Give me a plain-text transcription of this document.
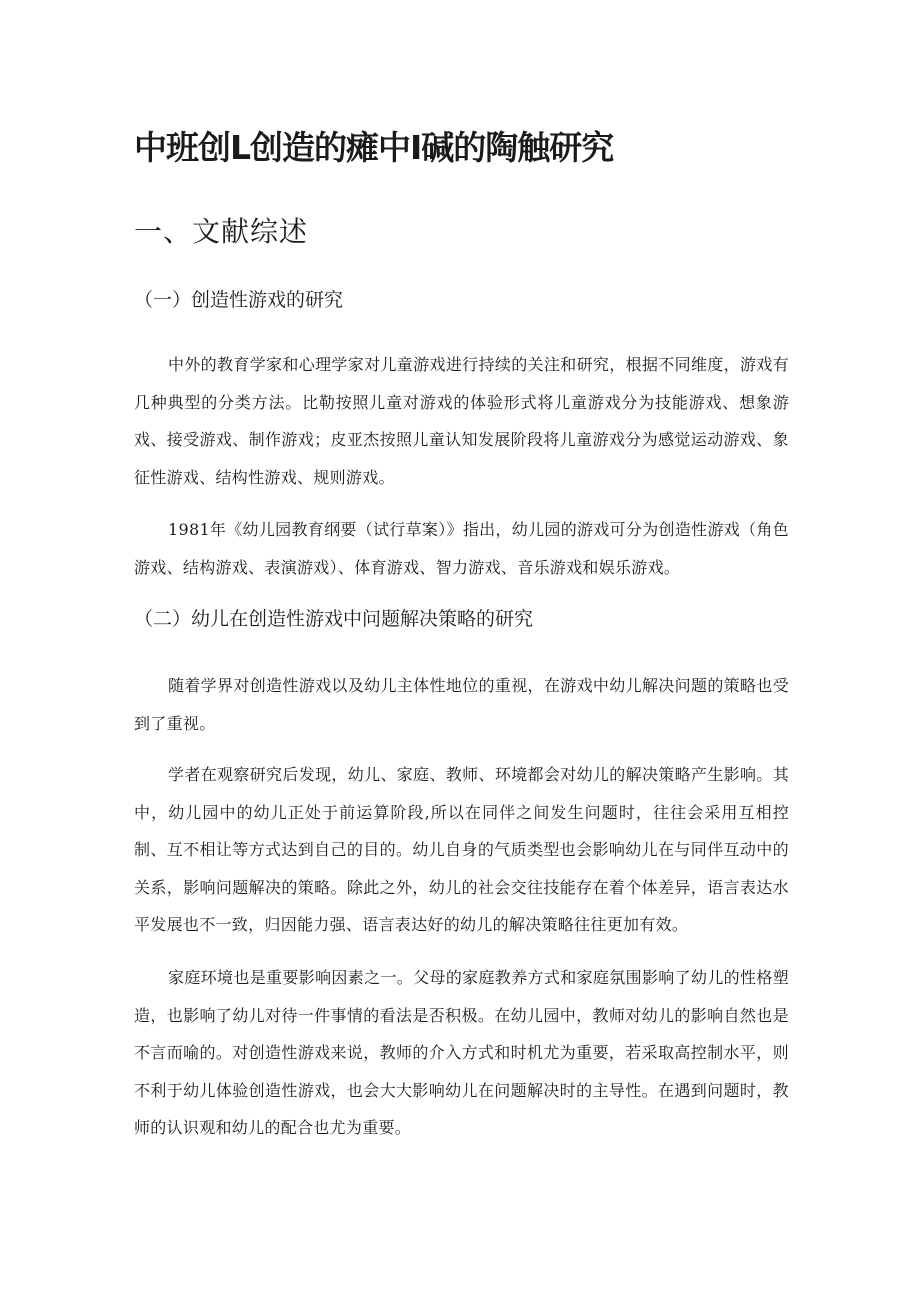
中班创L创造的瘫中I碱的陶触研究
一、文献综述
（一）创造性游戏的研究

中外的教育学家和心理学家对儿童游戏进行持续的关注和研究，根据不同维度，游戏有几种典型的分类方法。比勒按照儿童对游戏的体验形式将儿童游戏分为技能游戏、想象游戏、接受游戏、制作游戏；皮亚杰按照儿童认知发展阶段将儿童游戏分为感觉运动游戏、象征性游戏、结构性游戏、规则游戏。

1981年《幼儿园教育纲要（试行草案）》指出，幼儿园的游戏可分为创造性游戏（角色游戏、结构游戏、表演游戏）、体育游戏、智力游戏、音乐游戏和娱乐游戏。

（二）幼儿在创造性游戏中问题解决策略的研究

随着学界对创造性游戏以及幼儿主体性地位的重视，在游戏中幼儿解决问题的策略也受到了重视。

学者在观察研究后发现，幼儿、家庭、教师、环境都会对幼儿的解决策略产生影响。其中，幼儿园中的幼儿正处于前运算阶段,所以在同伴之间发生问题时，往往会采用互相控制、互不相让等方式达到自己的目的。幼儿自身的气质类型也会影响幼儿在与同伴互动中的关系，影响问题解决的策略。除此之外，幼儿的社会交往技能存在着个体差异，语言表达水平发展也不一致，归因能力强、语言表达好的幼儿的解决策略往往更加有效。

家庭环境也是重要影响因素之一。父母的家庭教养方式和家庭氛围影响了幼儿的性格塑造，也影响了幼儿对待一件事情的看法是否积极。在幼儿园中，教师对幼儿的影响自然也是不言而喻的。对创造性游戏来说，教师的介入方式和时机尤为重要，若采取高控制水平，则不利于幼儿体验创造性游戏，也会大大影响幼儿在问题解决时的主导性。在遇到问题时，教师的认识观和幼儿的配合也尤为重要。
